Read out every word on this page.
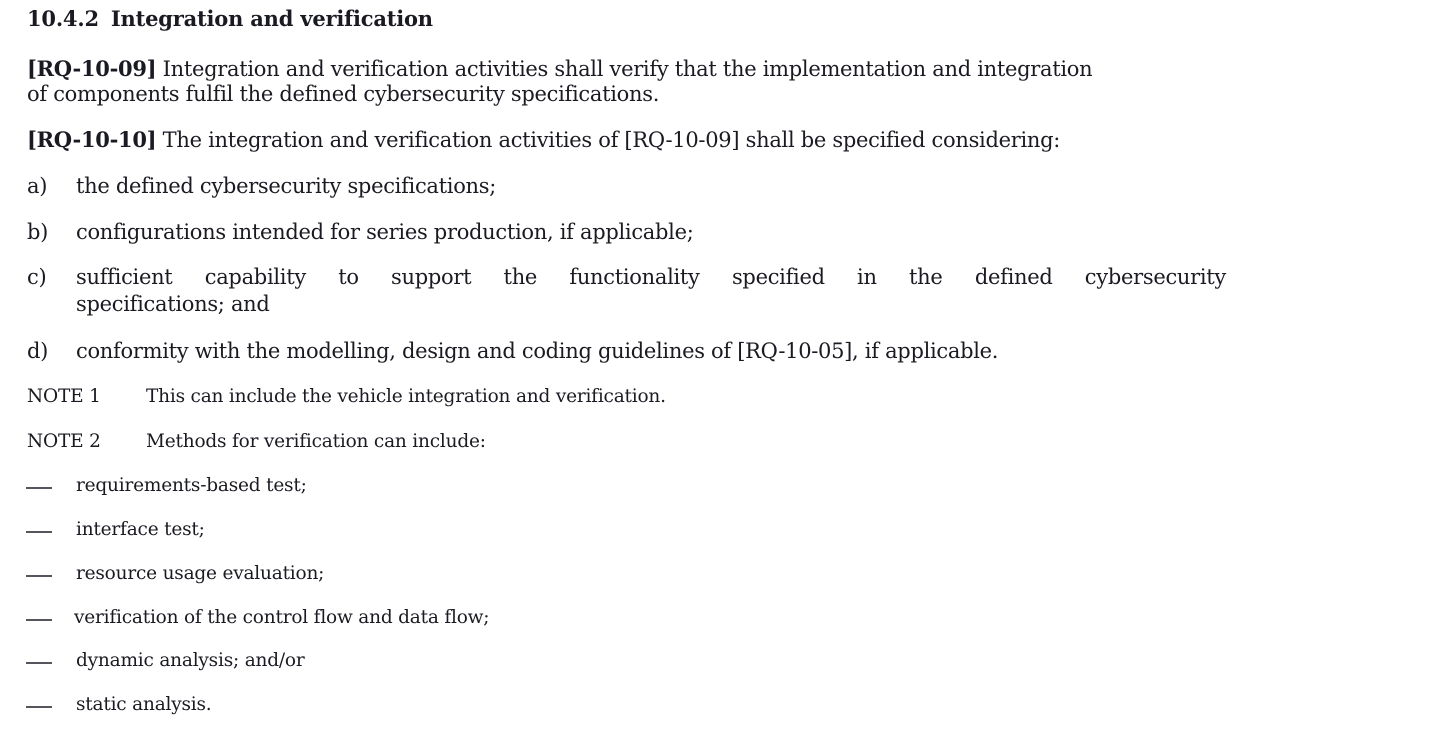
10.4.2 Integration and verification
[RQ-10-09] Integration and verification activities shall verify that the implementation and integration
of components fulfil the defined cybersecurity specifications.
[RQ-10-10] The integration and verification activities of [RQ-10-09] shall be specified considering:
a) the defined cybersecurity specifications;
b) configurations intended for series production, if applicable;
c) sufficient capability to support the functionality specified in the defined cybersecurity
specifications; and
d) conformity with the modelling, design and coding guidelines of [RQ-10-05], if applicable.
NOTE 1 This can include the vehicle integration and verification.
NOTE 2 Methods for verification can include:
requirements-based test;
interface test;
resource usage evaluation;
verification of the control flow and data flow;
dynamic analysis; and/or
static analysis.
